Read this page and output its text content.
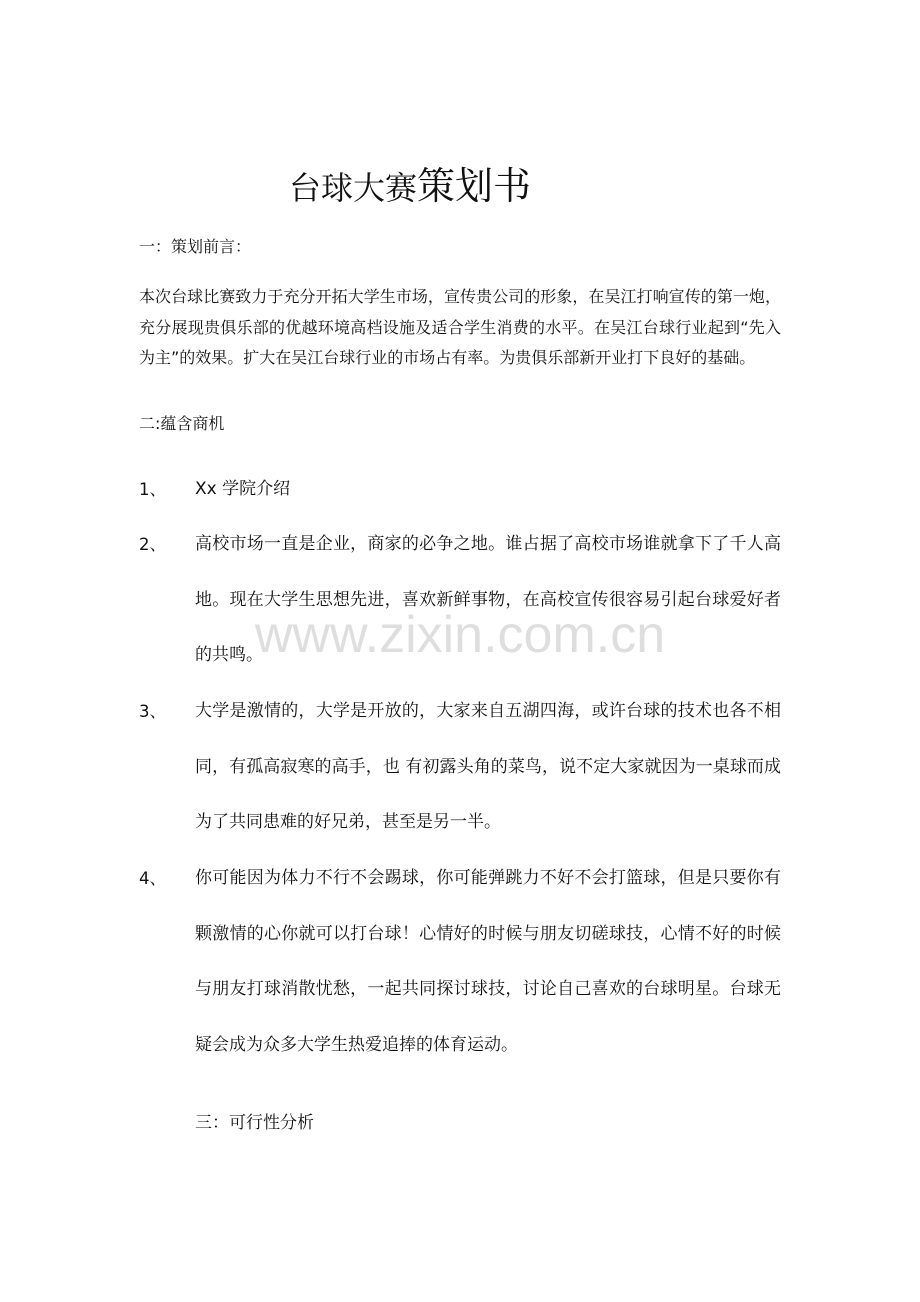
台球大赛策划书
一：策划前言：

本次台球比赛致力于充分开拓大学生市场，宣传贵公司的形象，在吴江打响宣传的第一炮，充分展现贵俱乐部的优越环境高档设施及适合学生消费的水平。在吴江台球行业起到“先入为主”的效果。扩大在吴江台球行业的市场占有率。为贵俱乐部新开业打下良好的基础。

二:蕴含商机
1、 Xx 学院介绍

2、 高校市场一直是企业，商家的必争之地。谁占据了高校市场谁就拿下了千人高地。现在大学生思想先进，喜欢新鲜事物，在高校宣传很容易引起台球爱好者的共鸣。

3、 大学是激情的，大学是开放的，大家来自五湖四海，或许台球的技术也各不相同，有孤高寂寒的高手，也 有初露头角的菜鸟，说不定大家就因为一桌球而成为了共同患难的好兄弟，甚至是另一半。

4、 你可能因为体力不行不会踢球，你可能弹跳力不好不会打篮球，但是只要你有颗激情的心你就可以打台球！心情好的时候与朋友切磋球技，心情不好的时候与朋友打球消散忧愁，一起共同探讨球技，讨论自己喜欢的台球明星。台球无疑会成为众多大学生热爱追捧的体育运动。

三：可行性分析
www.zixin.com.cn
